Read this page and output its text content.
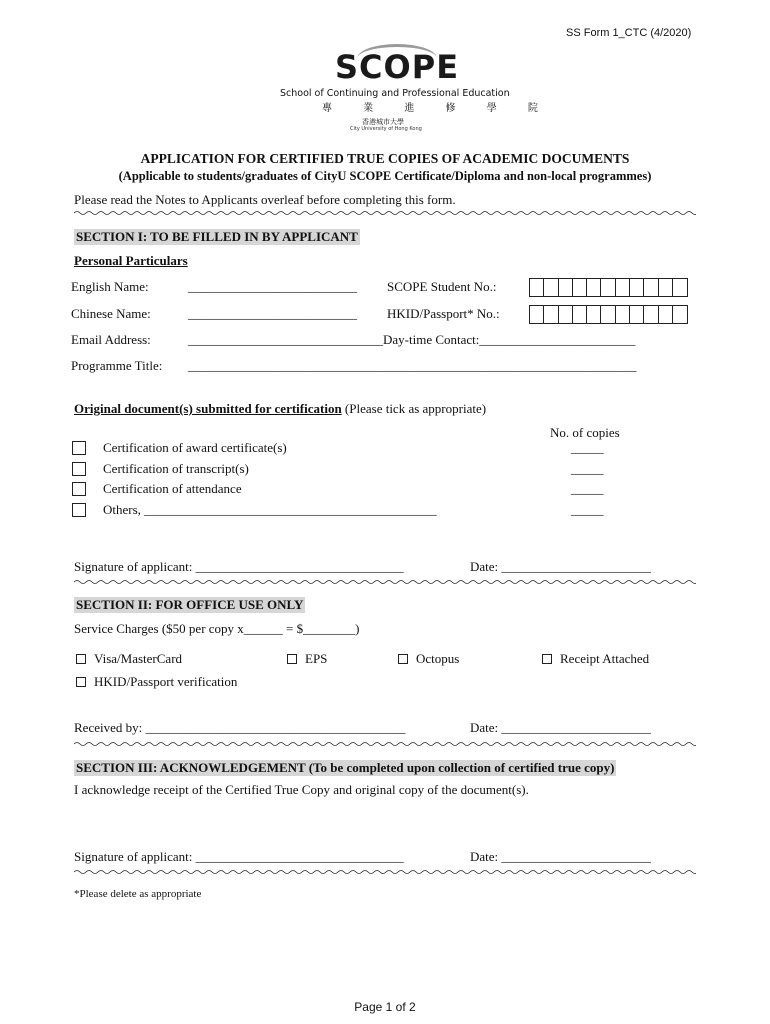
SS Form 1_CTC (4/2020)
SCOPE
School of Continuing and Professional Education
專 業 進 修 學 院
香港城市大學
City University of Hong Kong
APPLICATION FOR CERTIFIED TRUE COPIES OF ACADEMIC DOCUMENTS
(Applicable to students/graduates of CityU SCOPE Certificate/Diploma and non-local programmes)
Please read the Notes to Applicants overleaf before completing this form.
SECTION I: TO BE FILLED IN BY APPLICANT
Personal Particulars
English Name:	__________________________ SCOPE Student No.:
Chinese Name:	__________________________ HKID/Passport* No.:
Email Address:	______________________________Day-time Contact:________________________
Programme Title: _____________________________________________________________________
Original document(s) submitted for certification (Please tick as appropriate)
No. of copies
Certification of award certificate(s)	_____
Certification of transcript(s)	_____
Certification of attendance	_____
Others, _____________________________________________	_____
Signature of applicant: ________________________________	Date: _______________________
SECTION II: FOR OFFICE USE ONLY
Service Charges ($50 per copy x______ = $________)
Visa/MasterCard	EPS	Octopus	Receipt Attached
HKID/Passport verification
Received by: ________________________________________	Date: _______________________
SECTION III: ACKNOWLEDGEMENT (To be completed upon collection of certified true copy)
I acknowledge receipt of the Certified True Copy and original copy of the document(s).
Signature of applicant: ________________________________	Date: _______________________
*Please delete as appropriate
Page 1 of 2
